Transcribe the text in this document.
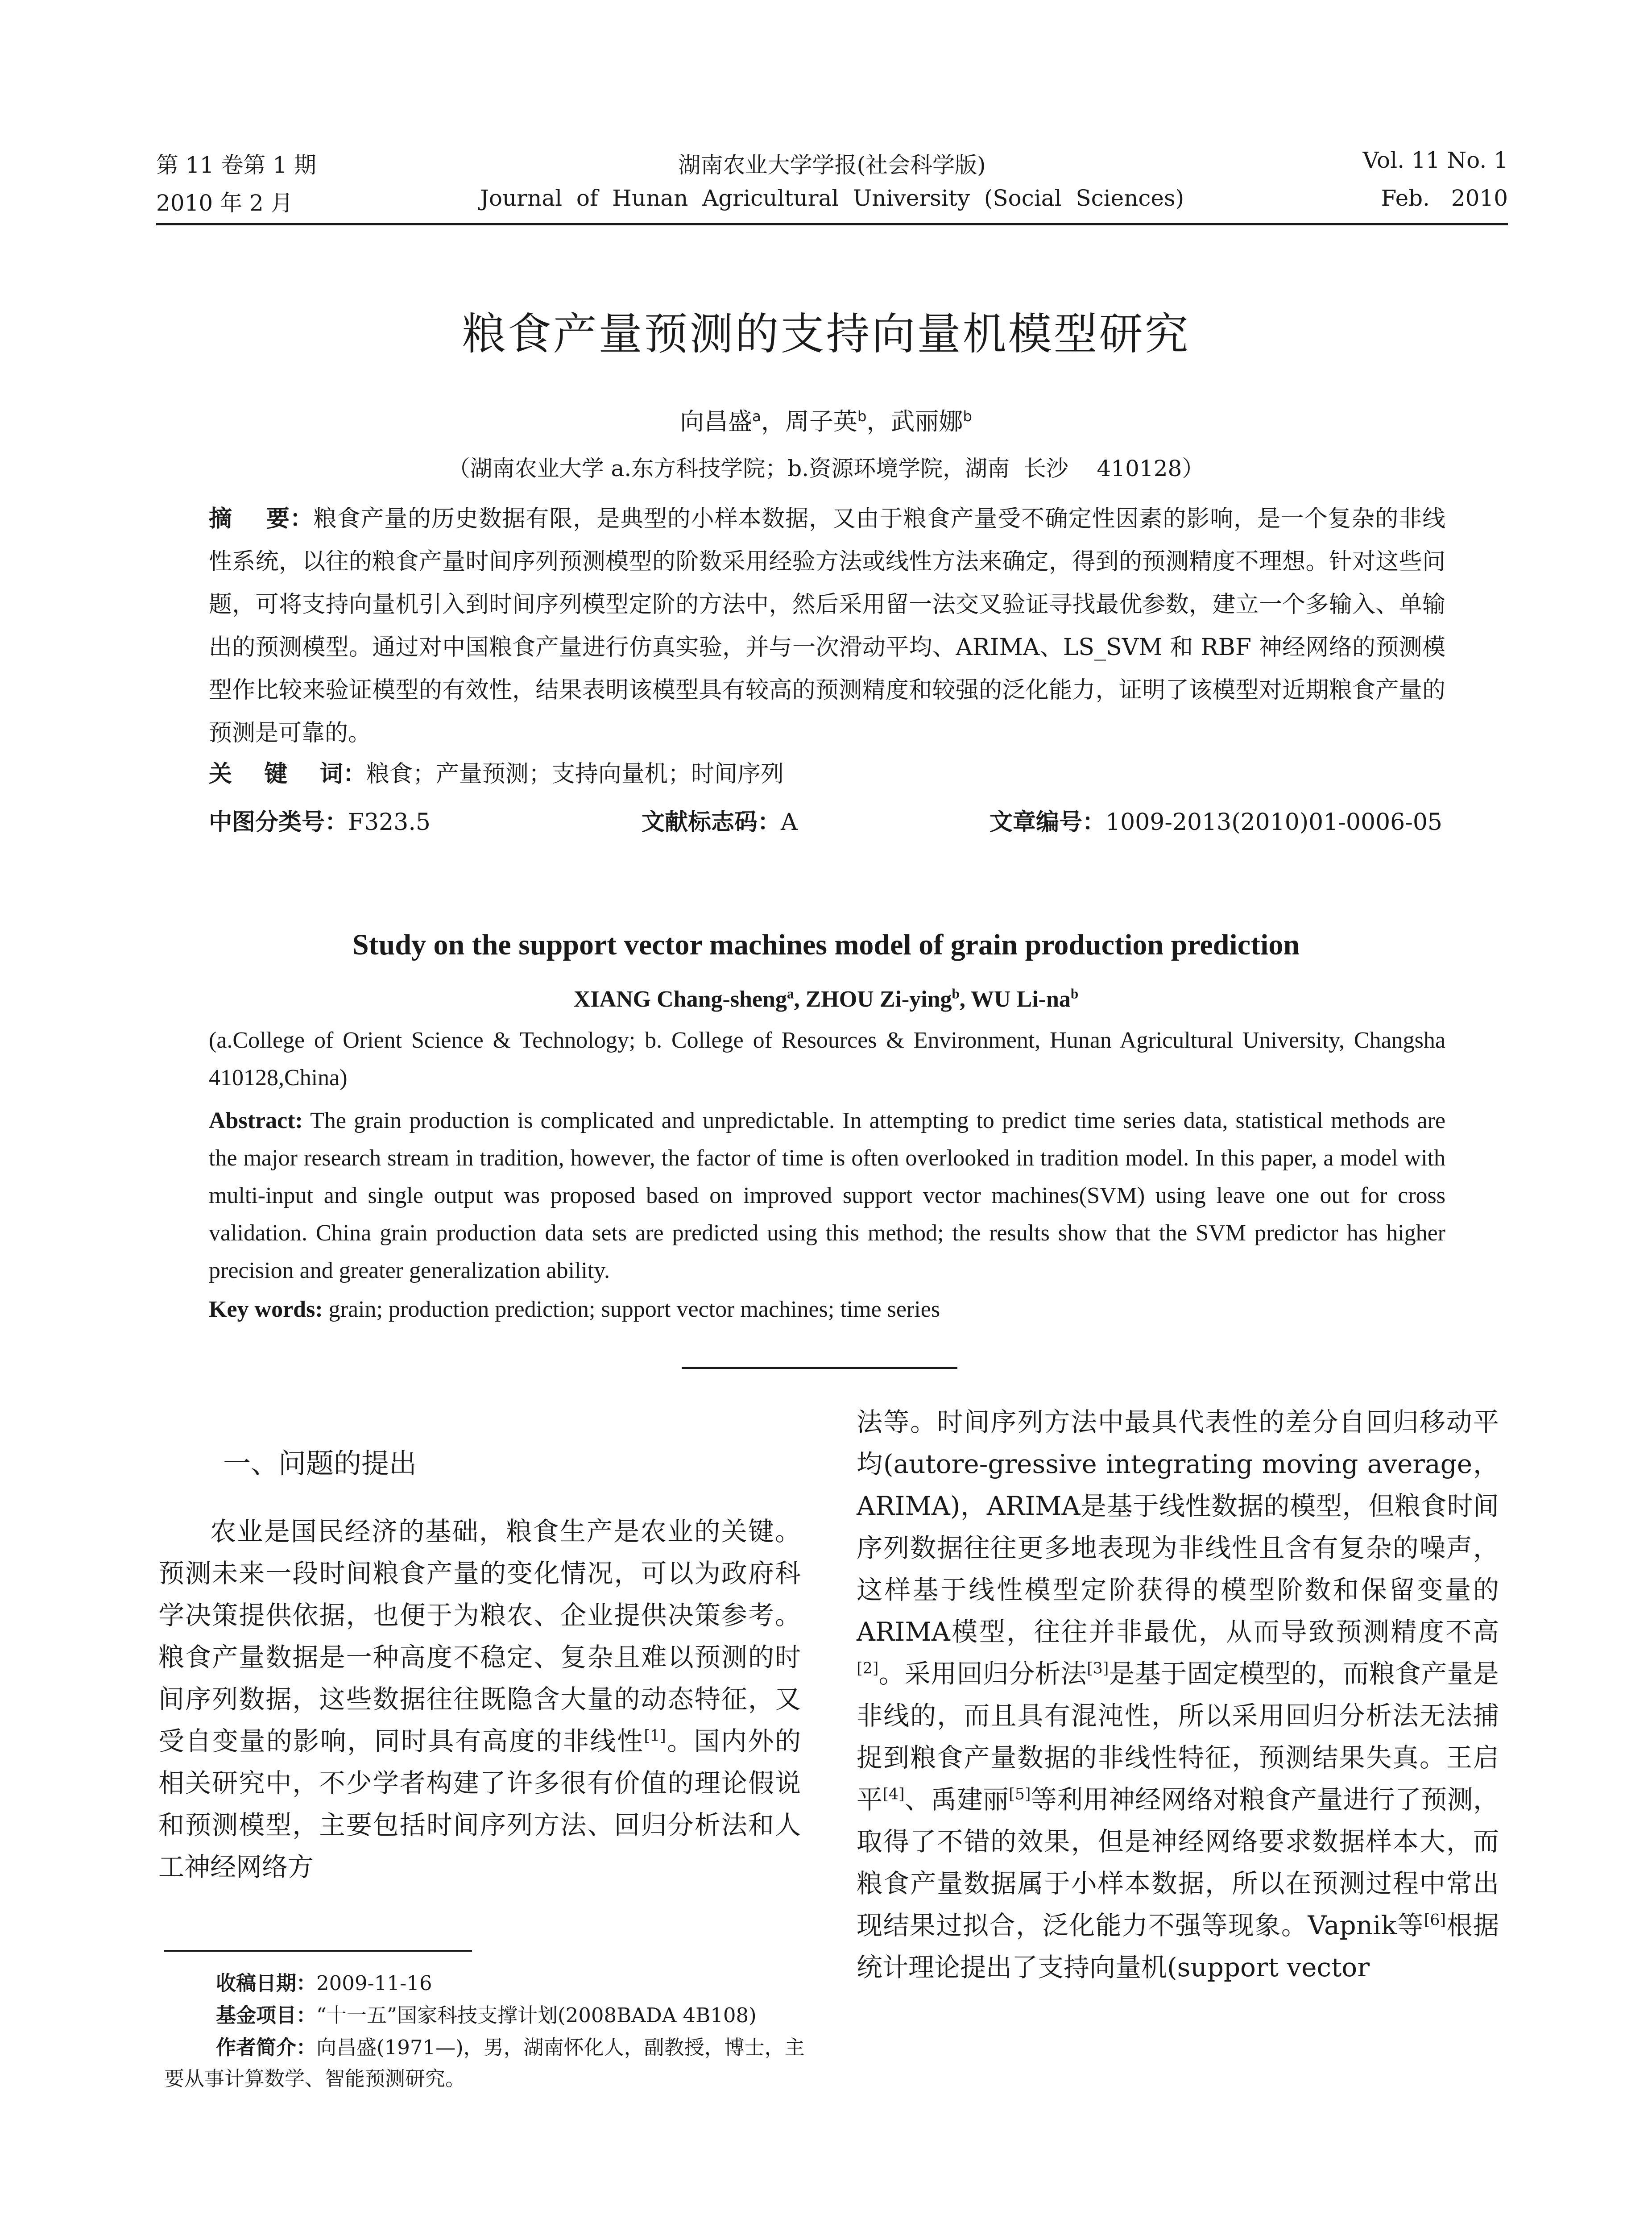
第 11 卷第 1 期	湖南农业大学学报(社会科学版)	Vol. 11 No. 1
2010 年 2 月	Journal  of  Hunan  Agricultural  University  (Social  Sciences)	Feb.   2010
粮食产量预测的支持向量机模型研究
向昌盛$^a$，周子英$^b$，武丽娜$^b$
（湖南农业大学 a.东方科技学院；b.资源环境学院，湖南  长沙    410128）
摘    要：粮食产量的历史数据有限，是典型的小样本数据，又由于粮食产量受不确定性因素的影响，是一个复杂的非线性系统，以往的粮食产量时间序列预测模型的阶数采用经验方法或线性方法来确定，得到的预测精度不理想。针对这些问题，可将支持向量机引入到时间序列模型定阶的方法中，然后采用留一法交叉验证寻找最优参数，建立一个多输入、单输出的预测模型。通过对中国粮食产量进行仿真实验，并与一次滑动平均、ARIMA、LS_SVM 和 RBF 神经网络的预测模型作比较来验证模型的有效性，结果表明该模型具有较高的预测精度和较强的泛化能力，证明了该模型对近期粮食产量的预测是可靠的。
关    键    词：粮食；产量预测；支持向量机；时间序列
中图分类号：F323.5	文献标志码：A	文章编号：1009-2013(2010)01-0006-05
Study on the support vector machines model of grain production prediction
XIANG Chang-sheng$^a$, ZHOU Zi-ying$^b$, WU $Li-na^b$
(a.College of Orient Science & Technology; b. College of Resources & Environment, Hunan Agricultural University, Changsha 410128,China)
Abstract: The grain production is complicated and unpredictable. In attempting to predict time series data, statistical methods are the major research stream in tradition, however, the factor of time is often overlooked in tradition model. In this paper, a model with multi-input and single output was proposed based on improved support vector machines(SVM) using leave one out for cross validation. China grain production data sets are predicted using this method; the results show that the SVM predictor has higher precision and greater generalization ability.
Key words: grain; production prediction; support vector machines; time series
一、问题的提出

农业是国民经济的基础，粮食生产是农业的关键。预测未来一段时间粮食产量的变化情况，可以为政府科学决策提供依据，也便于为粮农、企业提供决策参考。粮食产量数据是一种高度不稳定、复杂且难以预测的时间序列数据，这些数据往往既隐含大量的动态特征，又受自变量的影响，同时具有高度的非线性[1]。国内外的相关研究中，不少学者构建了许多很有价值的理论假说和预测模型，主要包括时间序列方法、回归分析法和人工神经网络方

法等。时间序列方法中最具代表性的差分自回归移动平均(autore-gressive integrating moving average，ARIMA)，ARIMA是基于线性数据的模型，但粮食时间序列数据往往更多地表现为非线性且含有复杂的噪声，这样基于线性模型定阶获得的模型阶数和保留变量的ARIMA模型，往往并非最优，从而导致预测精度不高[2]。采用回归分析法[3]是基于固定模型的，而粮食产量是非线的，而且具有混沌性，所以采用回归分析法无法捕捉到粮食产量数据的非线性特征，预测结果失真。王启平[4]、禹建丽[5]等利用神经网络对粮食产量进行了预测，取得了不错的效果，但是神经网络要求数据样本大，而粮食产量数据属于小样本数据，所以在预测过程中常出现结果过拟合，泛化能力不强等现象。Vapnik等[6]根据统计理论提出了支持向量机(support vector

收稿日期：2009-11-16
基金项目：“十一五”国家科技支撑计划(2008BADA 4B108)
作者简介：向昌盛(1971—)，男，湖南怀化人，副教授，博士，主要从事计算数学、智能预测研究。
